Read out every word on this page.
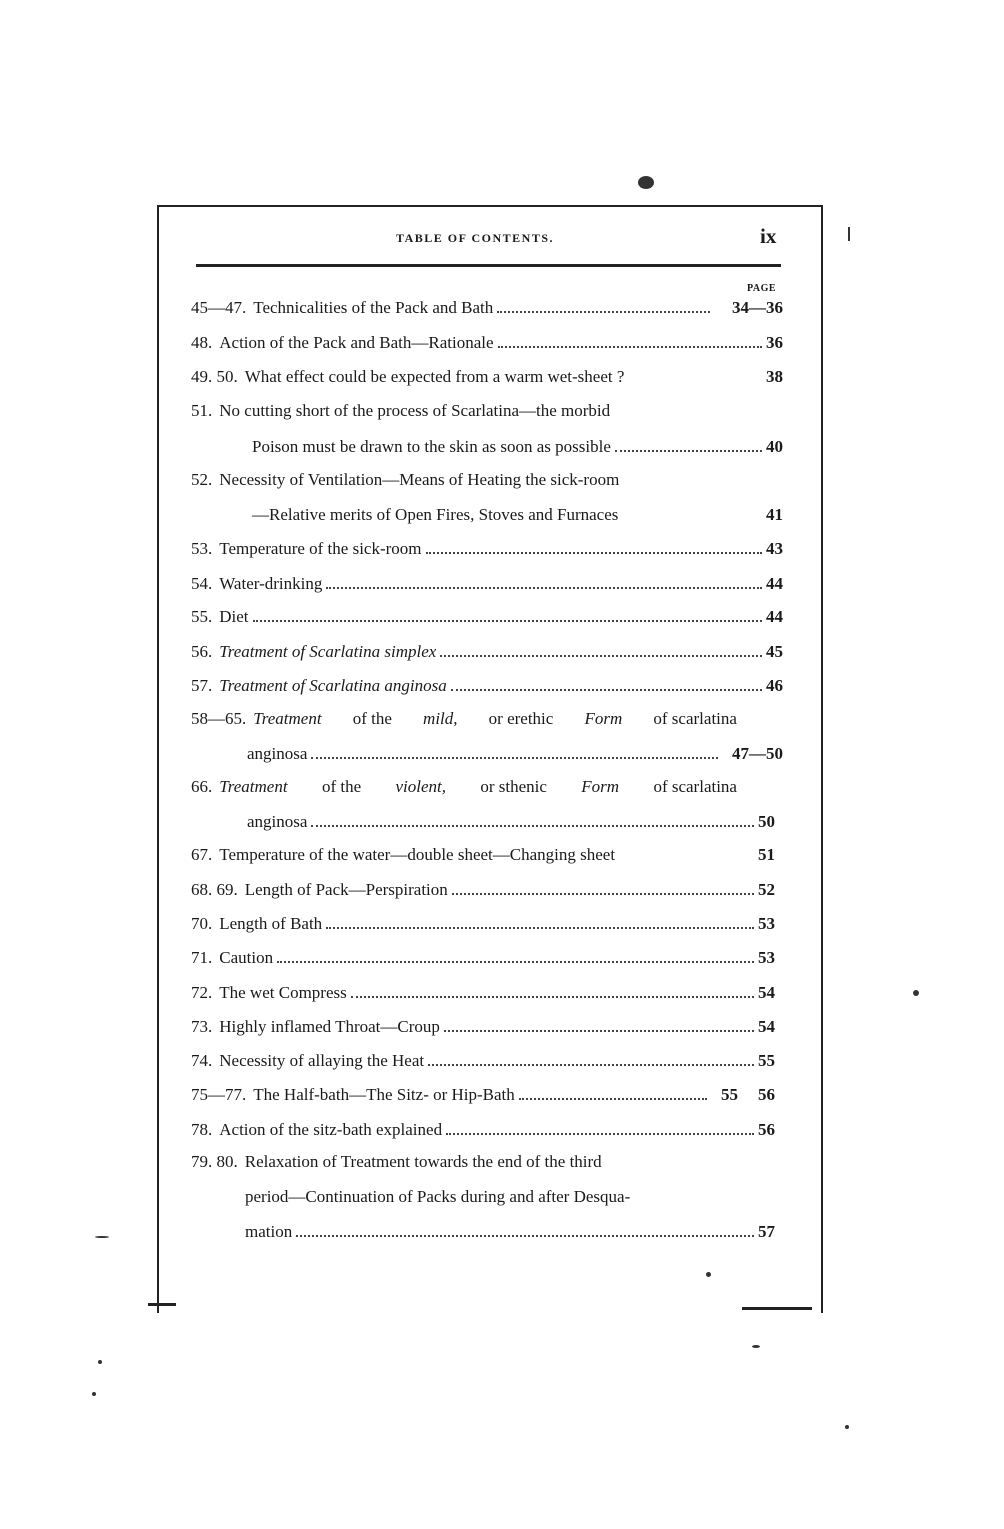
TABLE OF CONTENTS.	ix
PAGE
45—47. Technicalities of the Pack and Bath	34—36
48. Action of the Pack and Bath—Rationale	36
49. 50. What effect could be expected from a warm wet-sheet ?	38
51. No cutting short of the process of Scarlatina—the morbid
Poison must be drawn to the skin as soon as possible	40
52. Necessity of Ventilation—Means of Heating the sick-room
—Relative merits of Open Fires, Stoves and Furnaces	41
53. Temperature of the sick-room	43
54. Water-drinking	44
55. Diet	44
56. Treatment of Scarlatina simplex	45
57. Treatment of Scarlatina anginosa	46
58—65. Treatment of the mild, or erethic Form of scarlatina
anginosa	47—50
66. Treatment of the violent, or sthenic Form of scarlatina
anginosa	50
67. Temperature of the water—double sheet—Changing sheet	51
68. 69. Length of Pack—Perspiration	52
70. Length of Bath	53
71. Caution	53
72. The wet Compress	54
73. Highly inflamed Throat—Croup	54
74. Necessity of allaying the Heat	55
75—77. The Half-bath—The Sitz- or Hip-Bath	55 56
78. Action of the sitz-bath explained	56
79. 80. Relaxation of Treatment towards the end of the third
period—Continuation of Packs during and after Desqua-
mation	57
